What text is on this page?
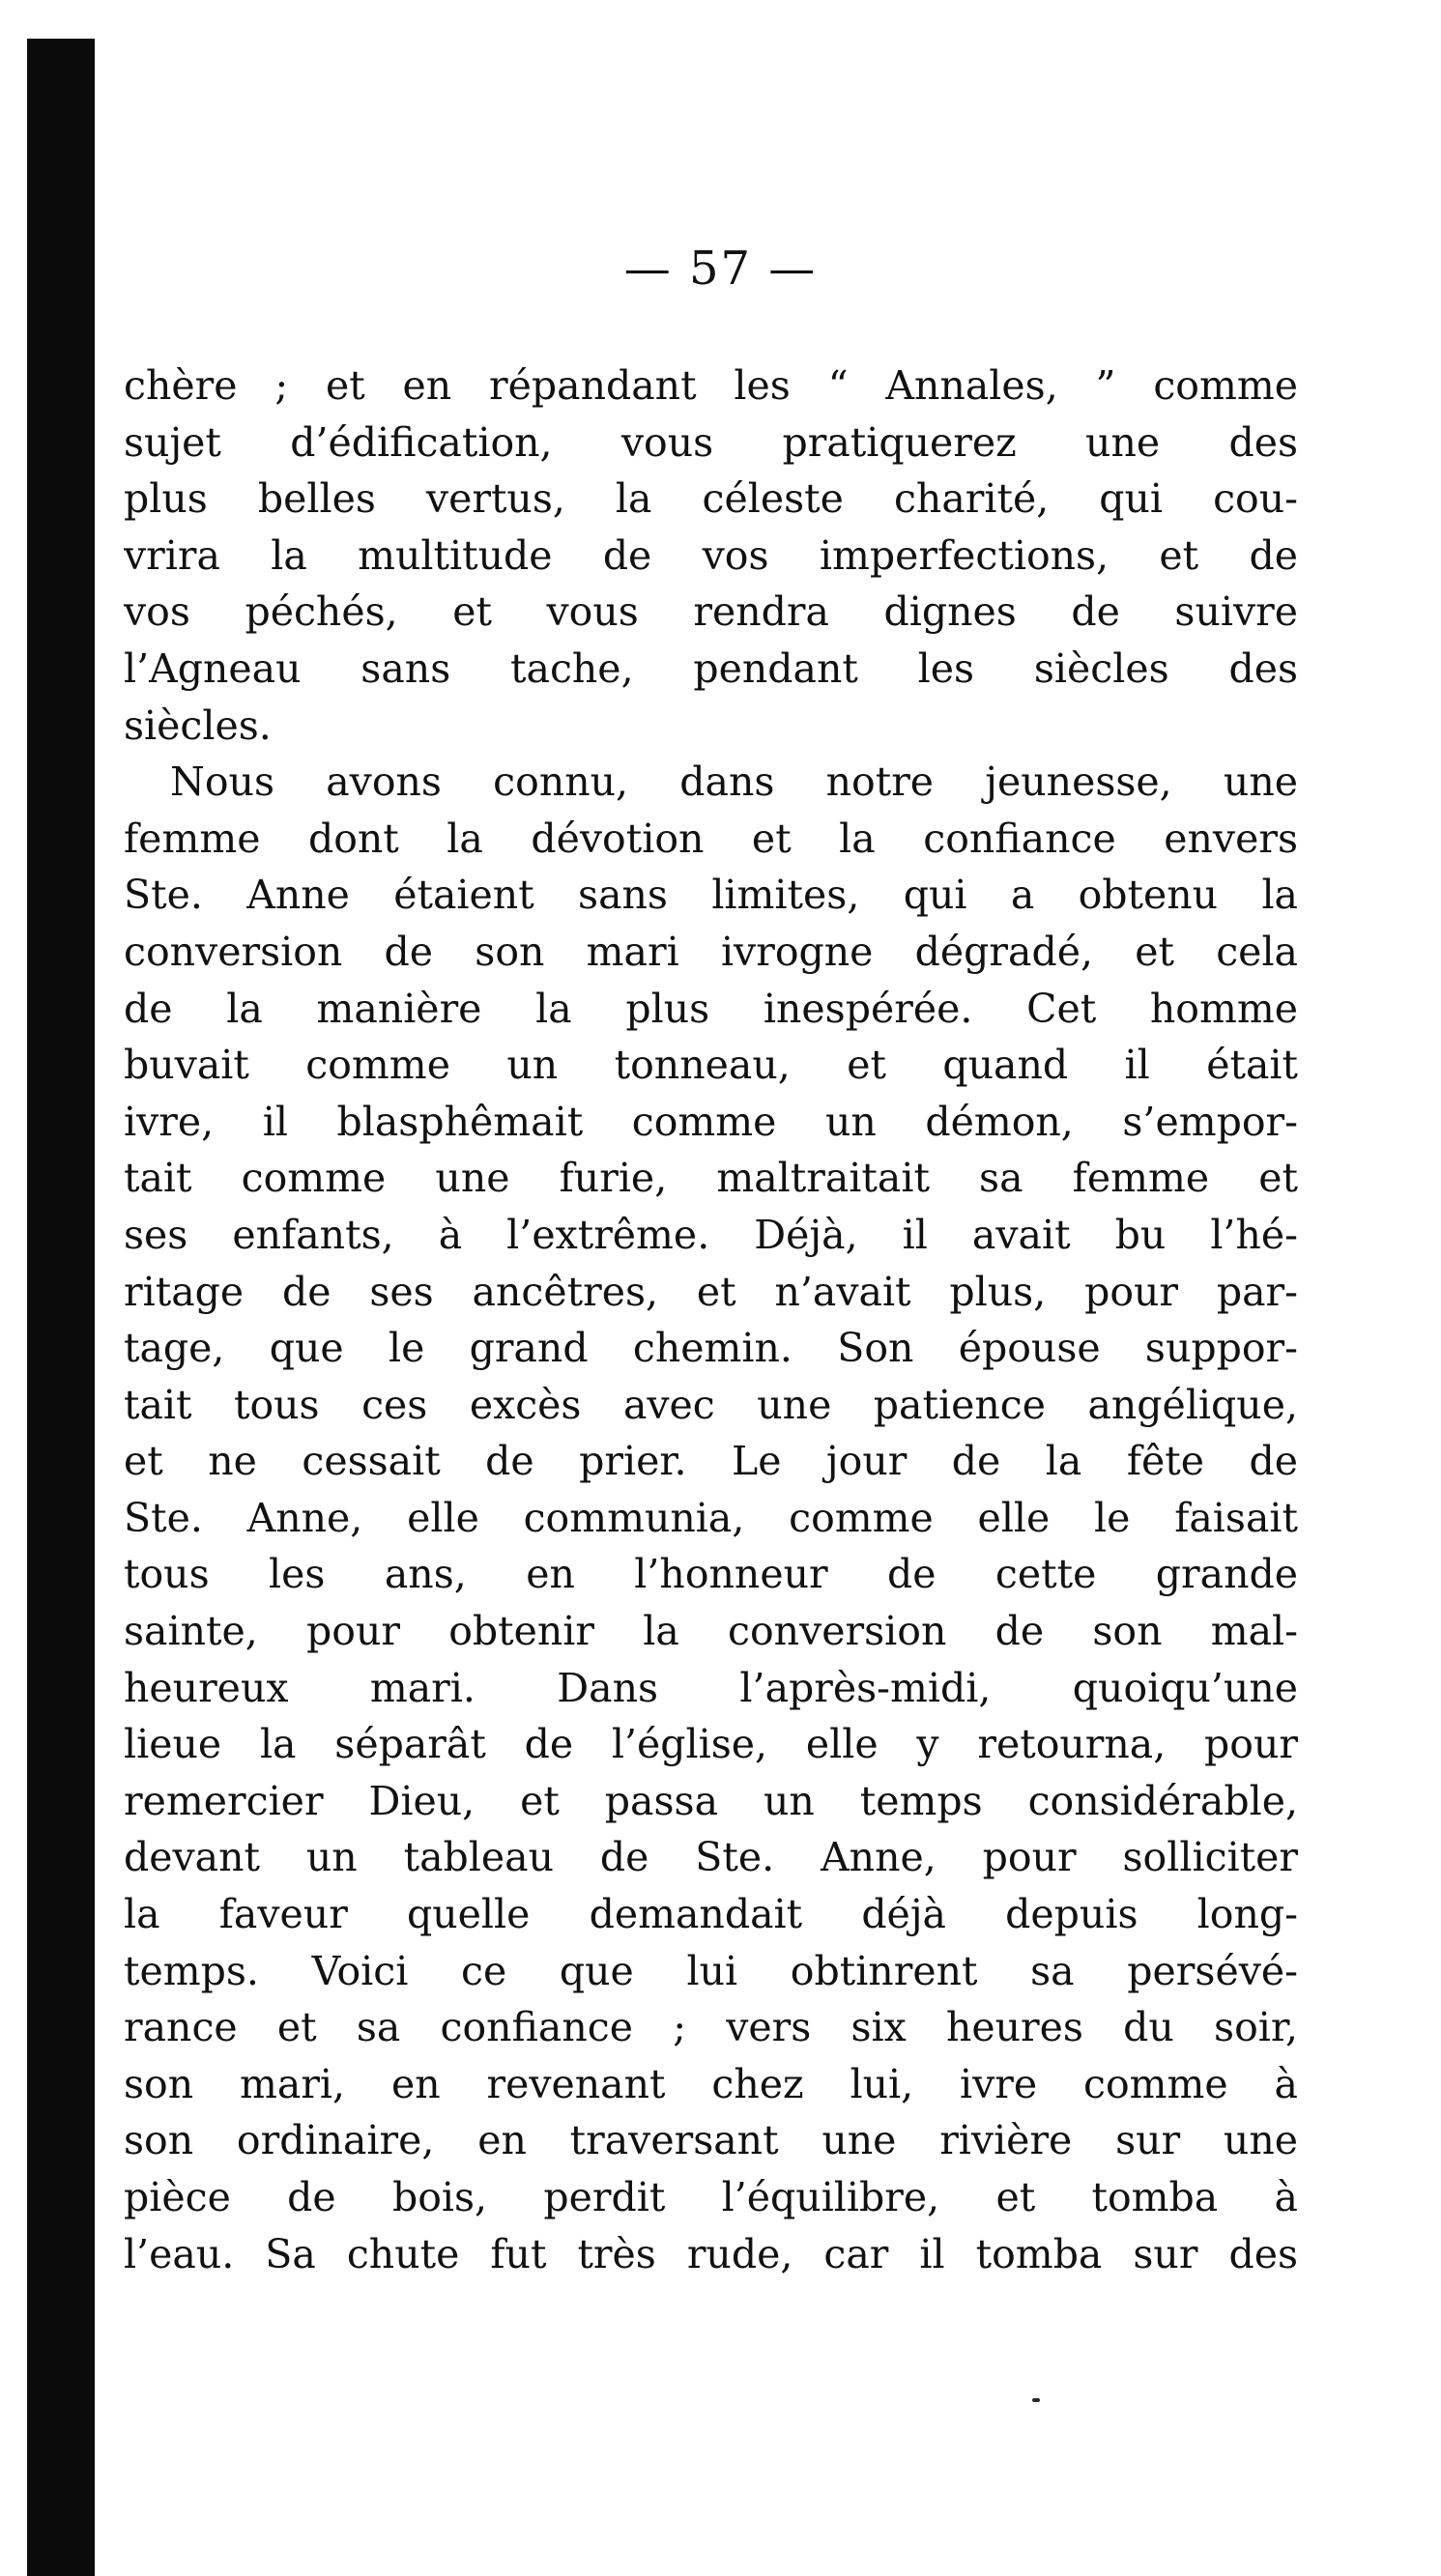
— 57 —
chère ; et en répandant les “ Annales, ” comme
sujet d’édification, vous pratiquerez une des
plus belles vertus, la céleste charité, qui cou-
vrira la multitude de vos imperfections, et de
vos péchés, et vous rendra dignes de suivre
l’Agneau sans tache, pendant les siècles des
siècles.
Nous avons connu, dans notre jeunesse, une
femme dont la dévotion et la confiance envers
Ste. Anne étaient sans limites, qui a obtenu la
conversion de son mari ivrogne dégradé, et cela
de la manière la plus inespérée. Cet homme
buvait comme un tonneau, et quand il était
ivre, il blasphêmait comme un démon, s’empor-
tait comme une furie, maltraitait sa femme et
ses enfants, à l’extrême. Déjà, il avait bu l’hé-
ritage de ses ancêtres, et n’avait plus, pour par-
tage, que le grand chemin. Son épouse suppor-
tait tous ces excès avec une patience angélique,
et ne cessait de prier. Le jour de la fête de
Ste. Anne, elle communia, comme elle le faisait
tous les ans, en l’honneur de cette grande
sainte, pour obtenir la conversion de son mal-
heureux mari. Dans l’après-midi, quoiqu’une
lieue la séparât de l’église, elle y retourna, pour
remercier Dieu, et passa un temps considérable,
devant un tableau de Ste. Anne, pour solliciter
la faveur quelle demandait déjà depuis long-
temps. Voici ce que lui obtinrent sa persévé-
rance et sa confiance ; vers six heures du soir,
son mari, en revenant chez lui, ivre comme à
son ordinaire, en traversant une rivière sur une
pièce de bois, perdit l’équilibre, et tomba à
l’eau. Sa chute fut très rude, car il tomba sur des
